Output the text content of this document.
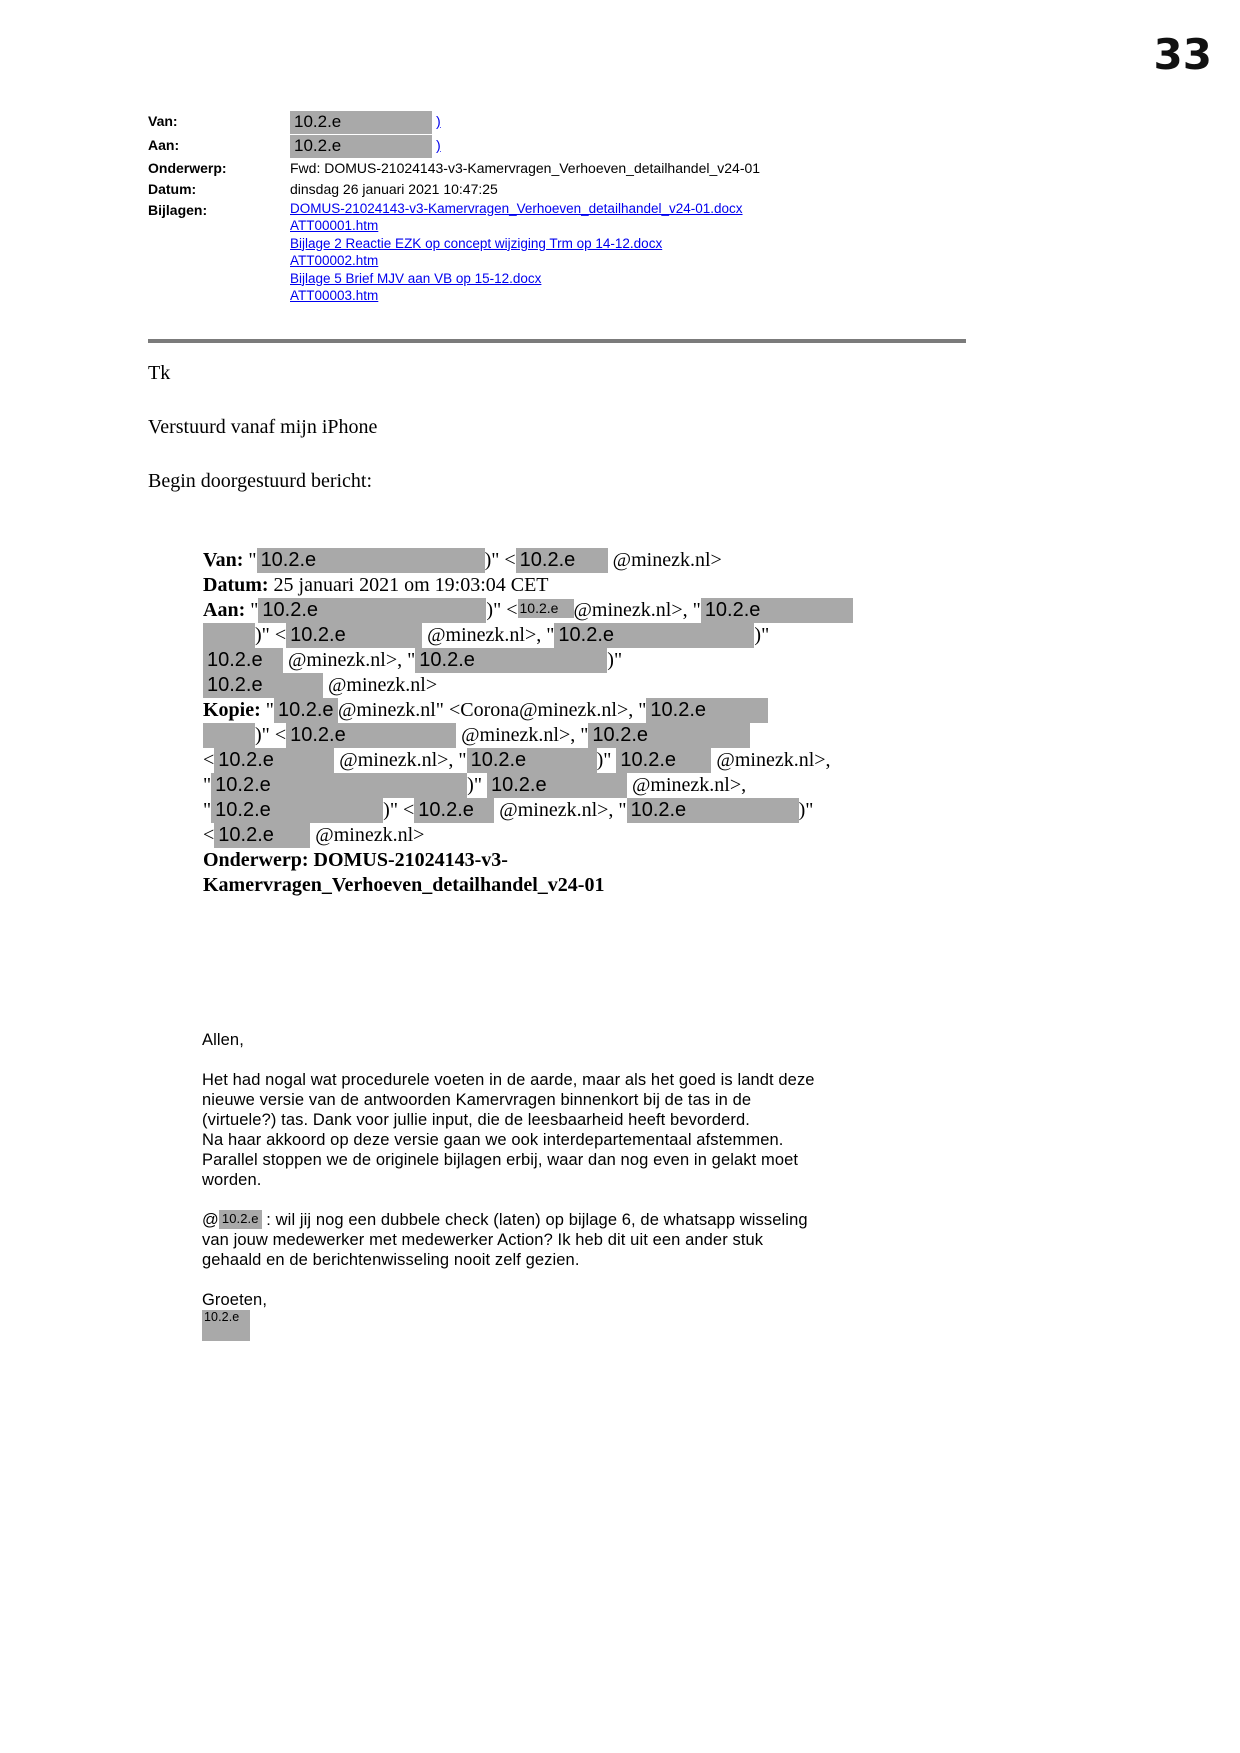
33
Van:	10.2.e	)
Aan:	10.2.e	)
Onderwerp:	Fwd: DOMUS-21024143-v3-Kamervragen_Verhoeven_detailhandel_v24-01
Datum:	dinsdag 26 januari 2021 10:47:25
Bijlagen:	DOMUS-21024143-v3-Kamervragen_Verhoeven_detailhandel_v24-01.docx
ATT00001.htm
Bijlage 2 Reactie EZK op concept wijziging Trm op 14-12.docx
ATT00002.htm
Bijlage 5 Brief MJV aan VB op 15-12.docx
ATT00003.htm
Tk
Verstuurd vanaf mijn iPhone
Begin doorgestuurd bericht:
Van: " 10.2.e	)" < 10.2.e @minezk.nl>
Datum: 25 januari 2021 om 19:03:04 CET
Aan: " 10.2.e	)" < 10.2.e @minezk.nl>, " 10.2.e
)" < 10.2.e	@minezk.nl>, " 10.2.e	)"
10.2.e @minezk.nl>, " 10.2.e	)"
10.2.e	@minezk.nl>
Kopie: " 10.2.e @minezk.nl" <Corona@minezk.nl>, " 10.2.e
)" < 10.2.e	@minezk.nl>, " 10.2.e
< 10.2.e	@minezk.nl>, " 10.2.e	)" 10.2.e @minezk.nl>,
" 10.2.e	)" 10.2.e	@minezk.nl>,
" 10.2.e	)" < 10.2.e @minezk.nl>, " 10.2.e	)"
< 10.2.e @minezk.nl>
Onderwerp: DOMUS-21024143-v3-
Kamervragen_Verhoeven_detailhandel_v24-01
Allen,
Het had nogal wat procedurele voeten in de aarde, maar als het goed is landt deze
nieuwe versie van de antwoorden Kamervragen binnenkort bij de tas in de
(virtuele?) tas. Dank voor jullie input, die de leesbaarheid heeft bevorderd.
Na haar akkoord op deze versie gaan we ook interdepartementaal afstemmen.
Parallel stoppen we de originele bijlagen erbij, waar dan nog even in gelakt moet
worden.
@ 10.2.e : wil jij nog een dubbele check (laten) op bijlage 6, de whatsapp wisseling
van jouw medewerker met medewerker Action? Ik heb dit uit een ander stuk
gehaald en de berichtenwisseling nooit zelf gezien.
Groeten,
10.2.e
